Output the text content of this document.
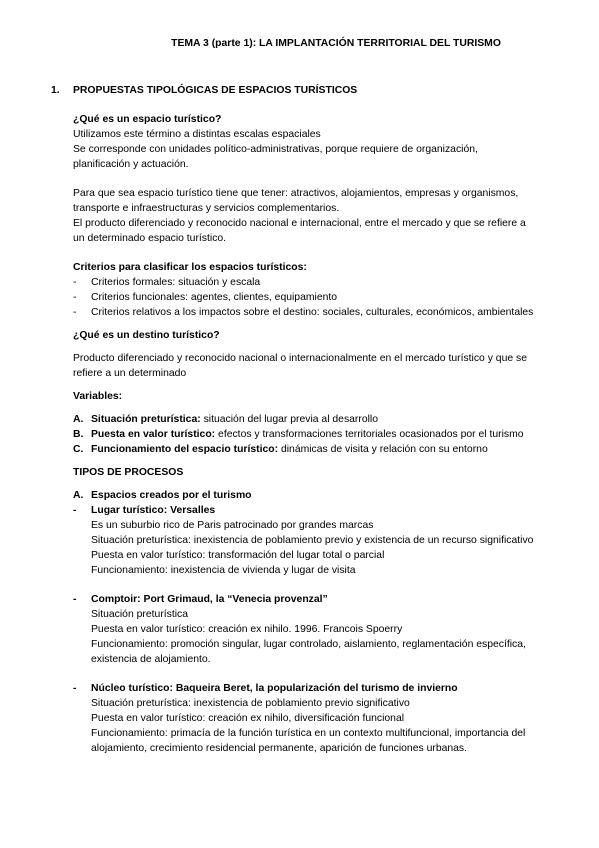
TEMA 3 (parte 1): LA IMPLANTACIÓN TERRITORIAL DEL TURISMO

1. PROPUESTAS TIPOLÓGICAS DE ESPACIOS TURÍSTICOS

¿Qué es un espacio turístico?

Utilizamos este término a distintas escalas espaciales

Se corresponde con unidades político-administrativas, porque requiere de organización,

planificación y actuación.

Para que sea espacio turístico tiene que tener: atractivos, alojamientos, empresas y organismos,

transporte e infraestructuras y servicios complementarios.

El producto diferenciado y reconocido nacional e internacional, entre el mercado y que se refiere a

un determinado espacio turístico.

Criterios para clasificar los espacios turísticos:

- Criterios formales: situación y escala

- Criterios funcionales: agentes, clientes, equipamiento

- Criterios relativos a los impactos sobre el destino: sociales, culturales, económicos, ambientales

¿Qué es un destino turístico?

Producto diferenciado y reconocido nacional o internacionalmente en el mercado turístico y que se

refiere a un determinado

Variables:

A. Situación preturística: situación del lugar previa al desarrollo

B. Puesta en valor turístico: efectos y transformaciones territoriales ocasionados por el turismo

C. Funcionamiento del espacio turístico: dinámicas de visita y relación con su entorno

TIPOS DE PROCESOS

A. Espacios creados por el turismo

- Lugar turístico: Versalles

Es un suburbio rico de Paris patrocinado por grandes marcas

Situación preturística: inexistencia de poblamiento previo y existencia de un recurso significativo

Puesta en valor turístico: transformación del lugar total o parcial

Funcionamiento: inexistencia de vivienda y lugar de visita

- Comptoir: Port Grimaud, la “Venecia provenzal”

Situación preturística

Puesta en valor turístico: creación ex nihilo. 1996. Francois Spoerry

Funcionamiento: promoción singular, lugar controlado, aislamiento, reglamentación específica,

existencia de alojamiento.

- Núcleo turístico: Baqueira Beret, la popularización del turismo de invierno

Situación preturística: inexistencia de poblamiento previo significativo

Puesta en valor turístico: creación ex nihilo, diversificación funcional

Funcionamiento: primacía de la función turística en un contexto multifuncional, importancia del

alojamiento, crecimiento residencial permanente, aparición de funciones urbanas.
